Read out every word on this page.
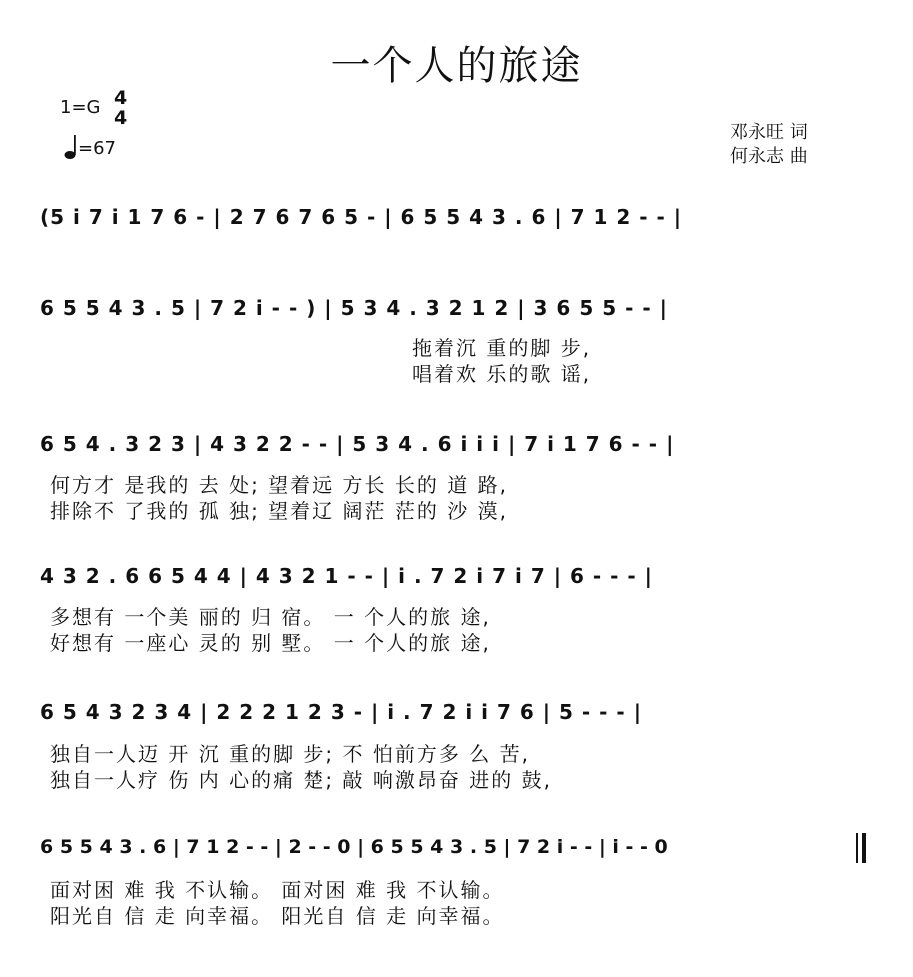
一个人的旅途
1=G 4
4
=67
邓永旺 词
何永志 曲
(5 i 7 i 1 7 6 - | 2 7 6 7 6 5 - | 6 5 5 4 3 . 6 | 7 1 2 - - |
6 5 5 4 3 . 5 | 7 2 i - - ) | 5 3 4 . 3 2 1 2 | 3 6 5 5 - - |
拖着沉 重的脚 步,
唱着欢 乐的歌 谣,
6 5 4 . 3 2 3 | 4 3 2 2 - - | 5 3 4 . 6 i i i | 7 i 1 7 6 - - |
何方才 是我的 去 处; 望着远 方长 长的 道 路,
排除不 了我的 孤 独; 望着辽 阔茫 茫的 沙 漠,
4 3 2 . 6 6 5 4 4 | 4 3 2 1 - - | i . 7 2 i 7 i 7 | 6 - - - |
多想有 一个美 丽的 归 宿。 一 个人的旅 途,
好想有 一座心 灵的 别 墅。 一 个人的旅 途,
6 5 4 3 2 3 4 | 2 2 2 1 2 3 - | i . 7 2 i i 7 6 | 5 - - - |
独自一人迈 开 沉 重的脚 步; 不 怕前方多 么 苦,
独自一人疗 伤 内 心的痛 楚; 敲 响激昂奋 进的 鼓,
6 5 5 4 3 . 6 | 7 1 2 - - | 2 - - 0 | 6 5 5 4 3 . 5 | 7 2 i - - | i - - 0
面对困 难 我 不认输。 面对困 难 我 不认输。
阳光自 信 走 向幸福。 阳光自 信 走 向幸福。
